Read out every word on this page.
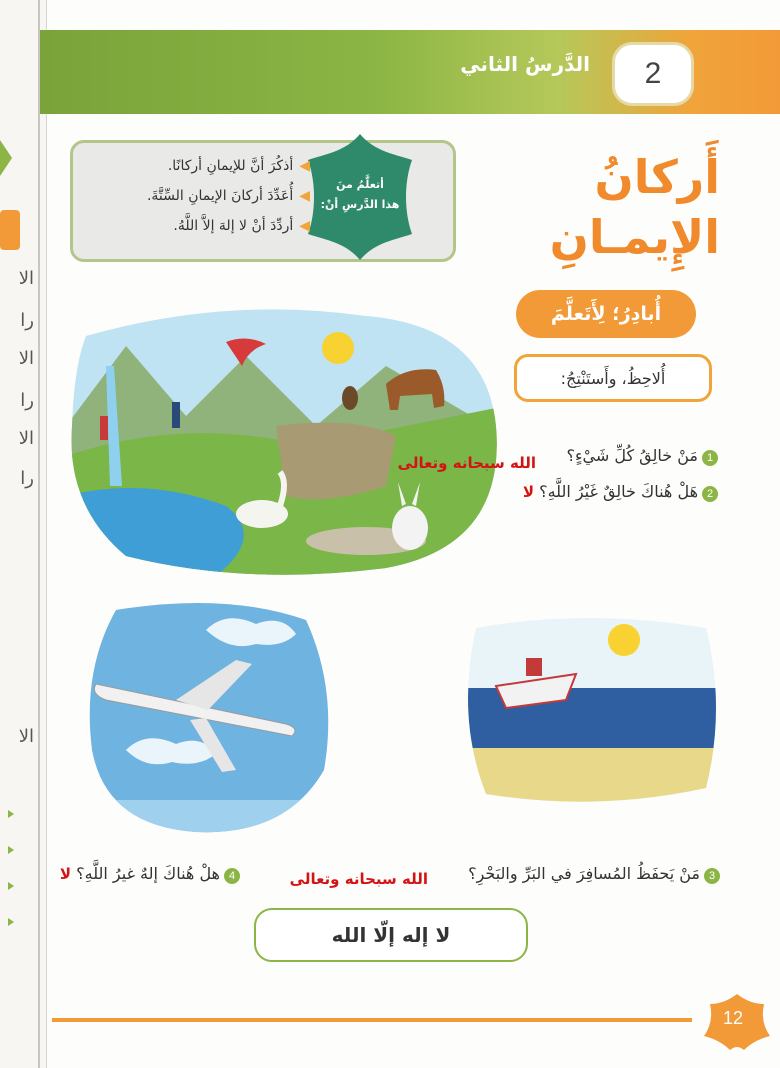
الا
را
الا
را
الا
را
الا
الدَّرسُ الثاني 2
أَركانُ
الإِيمـانِ
أتعلَّمُ منَ
هذا الدَّرسِ أنْ:
◀أذكُرَ أنَّ للإيمانِ أركانًا.
◀أُعَدِّدَ أركانَ الإيمانِ السِّتَّةَ.
◀أردِّدَ أنْ لا إلهَ إلاَّ اللَّهُ.
أُبادِرُ؛ لِأَتَعلَّمَ
أُلاحِظُ، وأَستَنْتِجُ:
1مَنْ خالِقُ كُلِّ شَيْءٍ؟
الله سبحانه وتعالى
2هَلْ هُناكَ خالِقٌ غَيْرُ اللَّهِ؟ لا
3مَنْ يَحفَظُ المُسافِرَ في البَرِّ والبَحْرِ؟
4هلْ هُناكَ إلهٌ غيرُ اللَّهِ؟ لا	الله سبحانه وتعالى
لا إله إلّا الله
12
